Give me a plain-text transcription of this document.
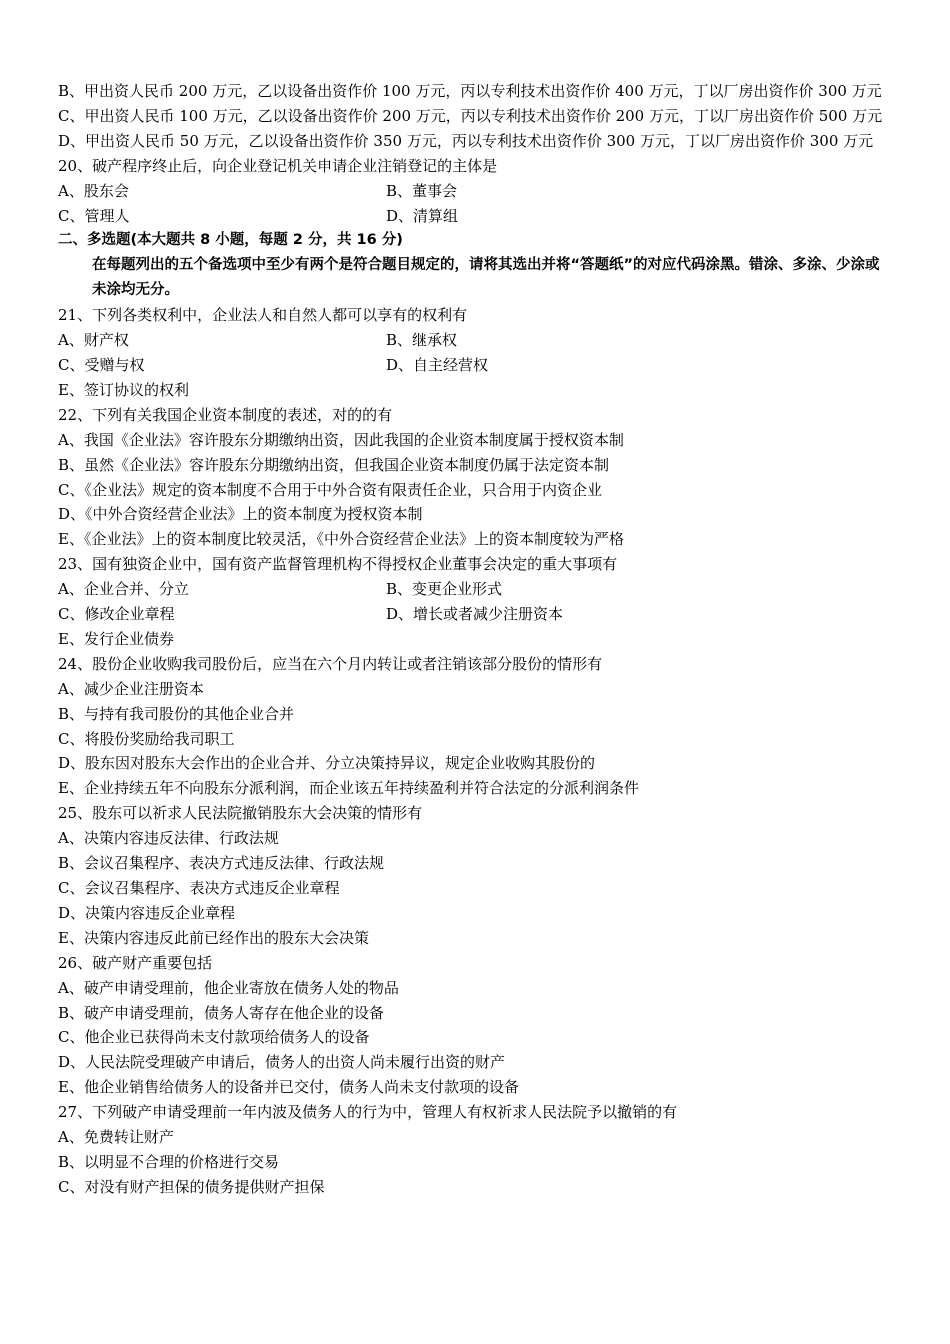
B、甲出资人民币 200 万元，乙以设备出资作价 100 万元，丙以专利技术出资作价 400 万元，丁以厂房出资作价 300 万元
C、甲出资人民币 100 万元，乙以设备出资作价 200 万元，丙以专利技术出资作价 200 万元，丁以厂房出资作价 500 万元
D、甲出资人民币 50 万元，乙以设备出资作价 350 万元，丙以专利技术出资作价 300 万元，丁以厂房出资作价 300 万元
20、破产程序终止后，向企业登记机关申请企业注销登记的主体是
A、股东会	B、董事会
C、管理人	D、清算组
二、多选题(本大题共 8 小题，每题 2 分，共 16 分)
在每题列出的五个备选项中至少有两个是符合题目规定的，请将其选出并将“答题纸”的对应代码涂黑。错涂、多涂、少涂或未涂均无分。
21、下列各类权利中，企业法人和自然人都可以享有的权利有
A、财产权	B、继承权
C、受赠与权	D、自主经营权
E、签订协议的权利
22、下列有关我国企业资本制度的表述，对的的有
A、我国《企业法》容许股东分期缴纳出资，因此我国的企业资本制度属于授权资本制
B、虽然《企业法》容许股东分期缴纳出资，但我国企业资本制度仍属于法定资本制
C、《企业法》规定的资本制度不合用于中外合资有限责任企业，只合用于内资企业
D、《中外合资经营企业法》上的资本制度为授权资本制
E、《企业法》上的资本制度比较灵活，《中外合资经营企业法》上的资本制度较为严格
23、国有独资企业中，国有资产监督管理机构不得授权企业董事会决定的重大事项有
A、企业合并、分立	B、变更企业形式
C、修改企业章程	D、增长或者减少注册资本
E、发行企业债券
24、股份企业收购我司股份后，应当在六个月内转让或者注销该部分股份的情形有
A、减少企业注册资本
B、与持有我司股份的其他企业合并
C、将股份奖励给我司职工
D、股东因对股东大会作出的企业合并、分立决策持异议，规定企业收购其股份的
E、企业持续五年不向股东分派利润，而企业该五年持续盈利并符合法定的分派利润条件
25、股东可以祈求人民法院撤销股东大会决策的情形有
A、决策内容违反法律、行政法规
B、会议召集程序、表决方式违反法律、行政法规
C、会议召集程序、表决方式违反企业章程
D、决策内容违反企业章程
E、决策内容违反此前已经作出的股东大会决策
26、破产财产重要包括
A、破产申请受理前，他企业寄放在债务人处的物品
B、破产申请受理前，债务人寄存在他企业的设备
C、他企业已获得尚未支付款项给债务人的设备
D、人民法院受理破产申请后，债务人的出资人尚未履行出资的财产
E、他企业销售给债务人的设备并已交付，债务人尚未支付款项的设备
27、下列破产申请受理前一年内波及债务人的行为中，管理人有权祈求人民法院予以撤销的有
A、免费转让财产
B、以明显不合理的价格进行交易
C、对没有财产担保的债务提供财产担保
